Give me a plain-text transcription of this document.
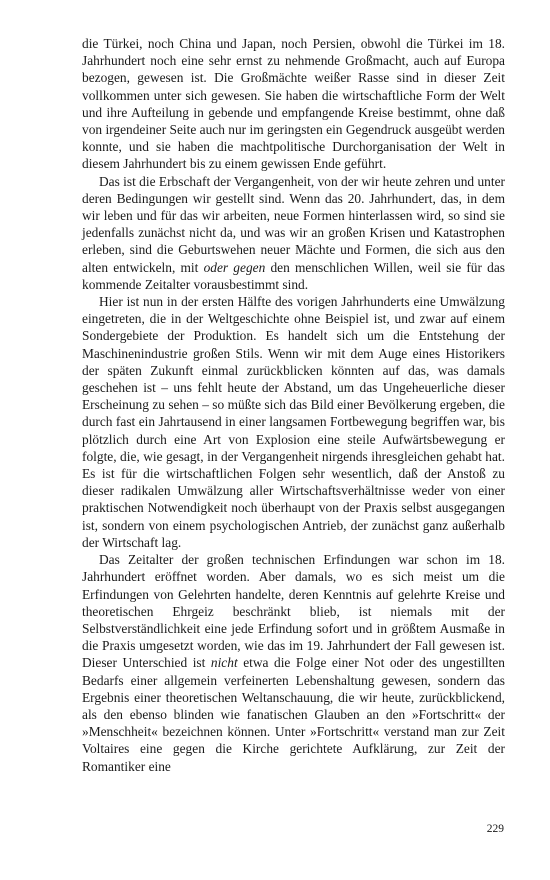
die Türkei, noch China und Japan, noch Persien, obwohl die Türkei im 18. Jahrhundert noch eine sehr ernst zu nehmende Großmacht, auch auf Europa bezogen, gewesen ist. Die Großmächte weißer Rasse sind in dieser Zeit vollkommen unter sich gewesen. Sie haben die wirtschaftliche Form der Welt und ihre Aufteilung in gebende und empfangende Kreise bestimmt, ohne daß von irgendeiner Seite auch nur im geringsten ein Gegendruck ausgeübt werden konnte, und sie haben die machtpolitische Durchorganisation der Welt in diesem Jahrhundert bis zu einem gewissen Ende geführt.

Das ist die Erbschaft der Vergangenheit, von der wir heute zehren und unter deren Bedingungen wir gestellt sind. Wenn das 20. Jahrhundert, das, in dem wir leben und für das wir arbeiten, neue Formen hinterlassen wird, so sind sie jedenfalls zunächst nicht da, und was wir an großen Krisen und Katastrophen erleben, sind die Geburtswehen neuer Mächte und Formen, die sich aus den alten entwickeln, mit oder gegen den menschlichen Willen, weil sie für das kommende Zeitalter vorausbestimmt sind.

Hier ist nun in der ersten Hälfte des vorigen Jahrhunderts eine Umwälzung eingetreten, die in der Weltgeschichte ohne Beispiel ist, und zwar auf einem Sondergebiete der Produktion. Es handelt sich um die Entstehung der Maschinenindustrie großen Stils. Wenn wir mit dem Auge eines Historikers der späten Zukunft einmal zurückblicken könnten auf das, was damals geschehen ist – uns fehlt heute der Abstand, um das Ungeheuerliche dieser Erscheinung zu sehen – so müßte sich das Bild einer Bevölkerung ergeben, die durch fast ein Jahrtausend in einer langsamen Fortbewegung begriffen war, bis plötzlich durch eine Art von Explosion eine steile Aufwärtsbewegung er folgte, die, wie gesagt, in der Vergangenheit nirgends ihresgleichen gehabt hat. Es ist für die wirtschaftlichen Folgen sehr wesentlich, daß der Anstoß zu dieser radikalen Umwälzung aller Wirtschaftsverhältnisse weder von einer praktischen Notwendigkeit noch überhaupt von der Praxis selbst ausgegangen ist, sondern von einem psychologischen Antrieb, der zunächst ganz außerhalb der Wirtschaft lag.

Das Zeitalter der großen technischen Erfindungen war schon im 18. Jahrhundert eröffnet worden. Aber damals, wo es sich meist um die Erfindungen von Gelehrten handelte, deren Kenntnis auf gelehrte Kreise und theoretischen Ehrgeiz beschränkt blieb, ist niemals mit der Selbstverständlichkeit eine jede Erfindung sofort und in größtem Ausmaße in die Praxis umgesetzt worden, wie das im 19. Jahrhundert der Fall gewesen ist. Dieser Unterschied ist nicht etwa die Folge einer Not oder des ungestillten Bedarfs einer allgemein verfeinerten Lebenshaltung gewesen, sondern das Ergebnis einer theoretischen Weltanschauung, die wir heute, zurückblickend, als den ebenso blinden wie fanatischen Glauben an den »Fortschritt« der »Menschheit« bezeichnen können. Unter »Fortschritt« verstand man zur Zeit Voltaires eine gegen die Kirche gerichtete Aufklärung, zur Zeit der Romantiker eine

229
